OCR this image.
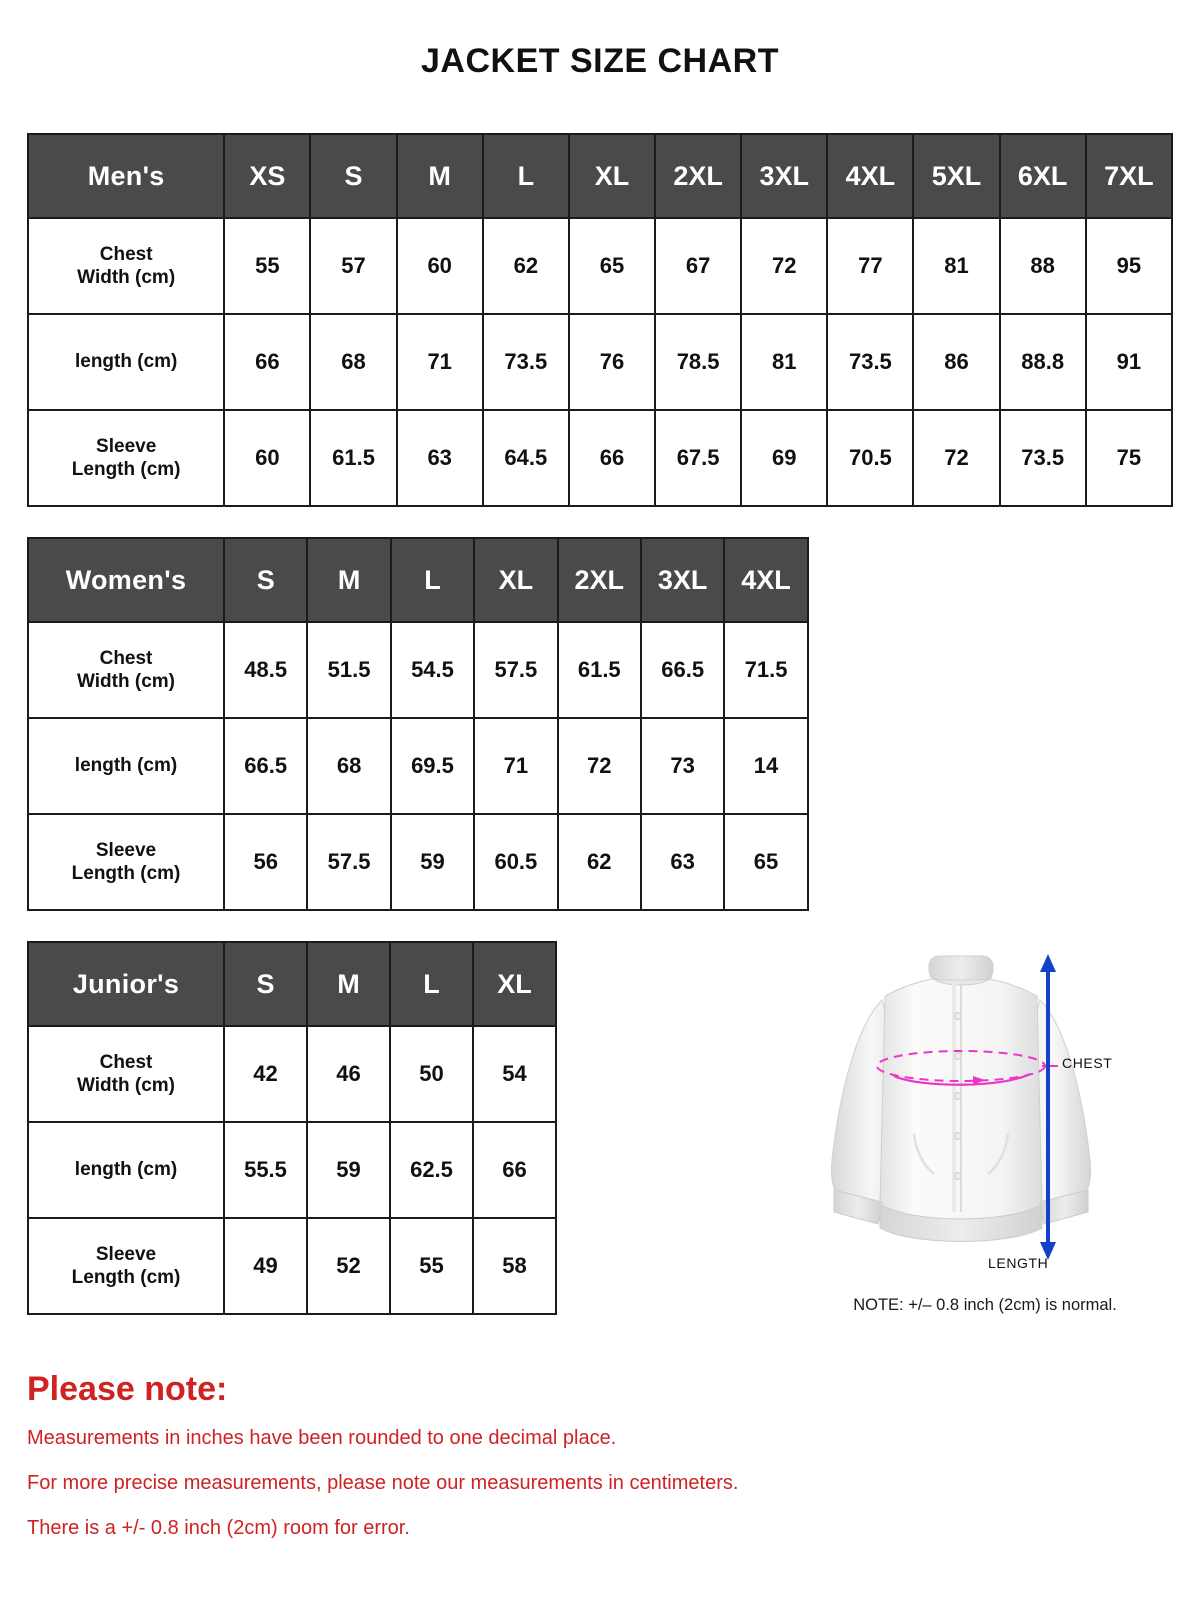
JACKET SIZE CHART
Men's	XS	S	M	L	XL	2XL	3XL	4XL	5XL	6XL	7XL
Chest
Width (cm)	55	57	60	62	65	67	72	77	81	88	95
length (cm)	66	68	71	73.5	76	78.5	81	73.5	86	88.8	91
Sleeve
Length (cm)	60	61.5	63	64.5	66	67.5	69	70.5	72	73.5	75
Women's	S	M	L	XL	2XL	3XL	4XL
Chest
Width (cm)	48.5	51.5	54.5	57.5	61.5	66.5	71.5
length (cm)	66.5	68	69.5	71	72	73	14
Sleeve
Length (cm)	56	57.5	59	60.5	62	63	65
Junior's	S	M	L	XL
Chest
Width (cm)	42	46	50	54
length (cm)	55.5	59	62.5	66
Sleeve
Length (cm)	49	52	55	58
CHEST
LENGTH
NOTE: +/– 0.8 inch (2cm) is normal.
Please note:

Measurements in inches have been rounded to one decimal place.

For more precise measurements, please note our measurements in centimeters.

There is a +/- 0.8 inch (2cm) room for error.
